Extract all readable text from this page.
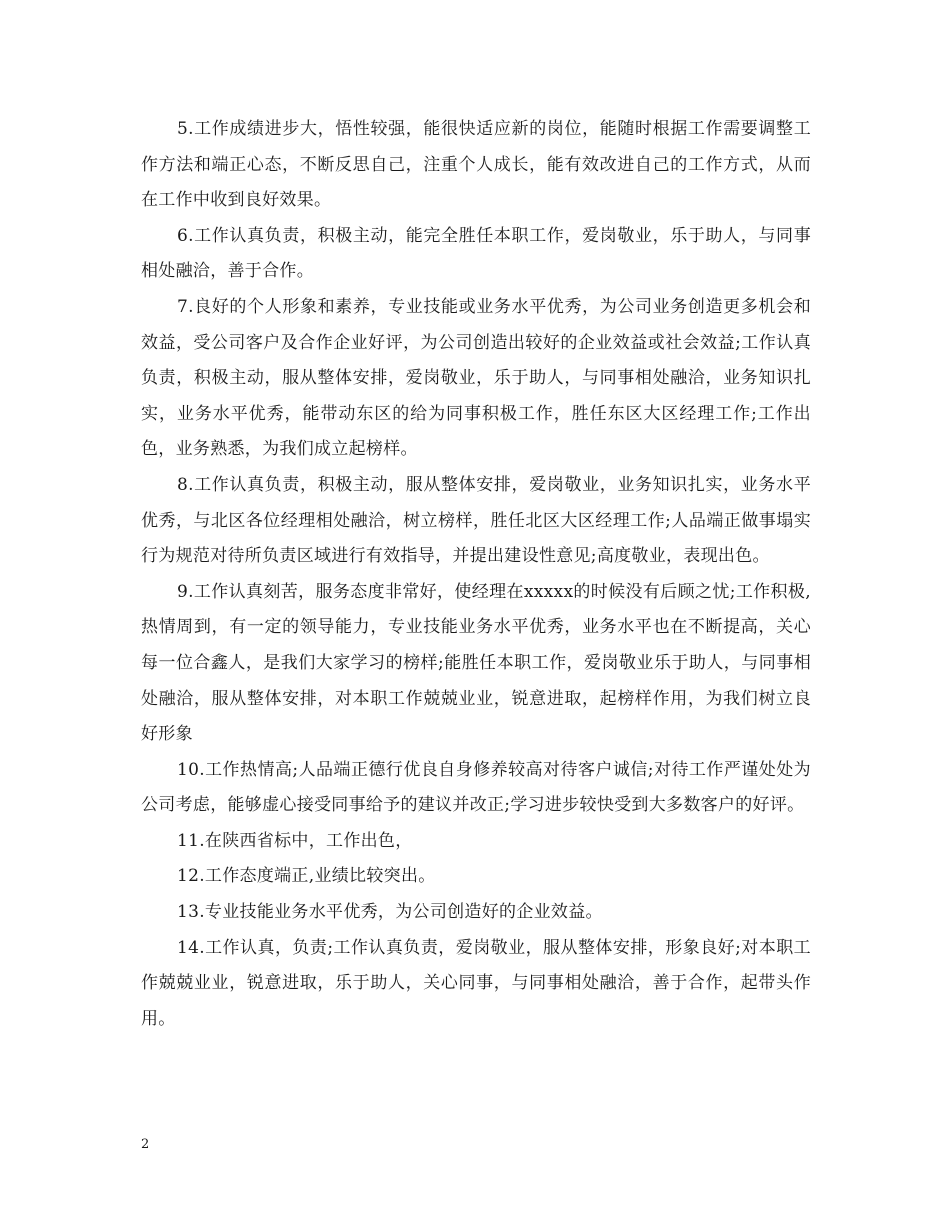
5.工作成绩进步大，悟性较强，能很快适应新的岗位，能随时根据工作需要调整工作方法和端正心态，不断反思自己，注重个人成长，能有效改进自己的工作方式，从而在工作中收到良好效果。

6.工作认真负责，积极主动，能完全胜任本职工作，爱岗敬业，乐于助人，与同事相处融洽，善于合作。

7.良好的个人形象和素养，专业技能或业务水平优秀，为公司业务创造更多机会和效益，受公司客户及合作企业好评，为公司创造出较好的企业效益或社会效益;工作认真负责，积极主动，服从整体安排，爱岗敬业，乐于助人，与同事相处融洽，业务知识扎实，业务水平优秀，能带动东区的给为同事积极工作，胜任东区大区经理工作;工作出色，业务熟悉，为我们成立起榜样。

8.工作认真负责，积极主动，服从整体安排，爱岗敬业，业务知识扎实，业务水平优秀，与北区各位经理相处融洽，树立榜样，胜任北区大区经理工作;人品端正做事塌实行为规范对待所负责区域进行有效指导，并提出建设性意见;高度敬业，表现出色。

9.工作认真刻苦，服务态度非常好，使经理在xxxxx的时候没有后顾之忧;工作积极,热情周到，有一定的领导能力，专业技能业务水平优秀，业务水平也在不断提高，关心每一位合鑫人，是我们大家学习的榜样;能胜任本职工作，爱岗敬业乐于助人，与同事相处融洽，服从整体安排，对本职工作兢兢业业，锐意进取，起榜样作用，为我们树立良好形象

10.工作热情高;人品端正德行优良自身修养较高对待客户诚信;对待工作严谨处处为公司考虑，能够虚心接受同事给予的建议并改正;学习进步较快受到大多数客户的好评。

11.在陕西省标中，工作出色，

12.工作态度端正,业绩比较突出。

13.专业技能业务水平优秀，为公司创造好的企业效益。

14.工作认真，负责;工作认真负责，爱岗敬业，服从整体安排，形象良好;对本职工作兢兢业业，锐意进取，乐于助人，关心同事，与同事相处融洽，善于合作，起带头作用。

2
